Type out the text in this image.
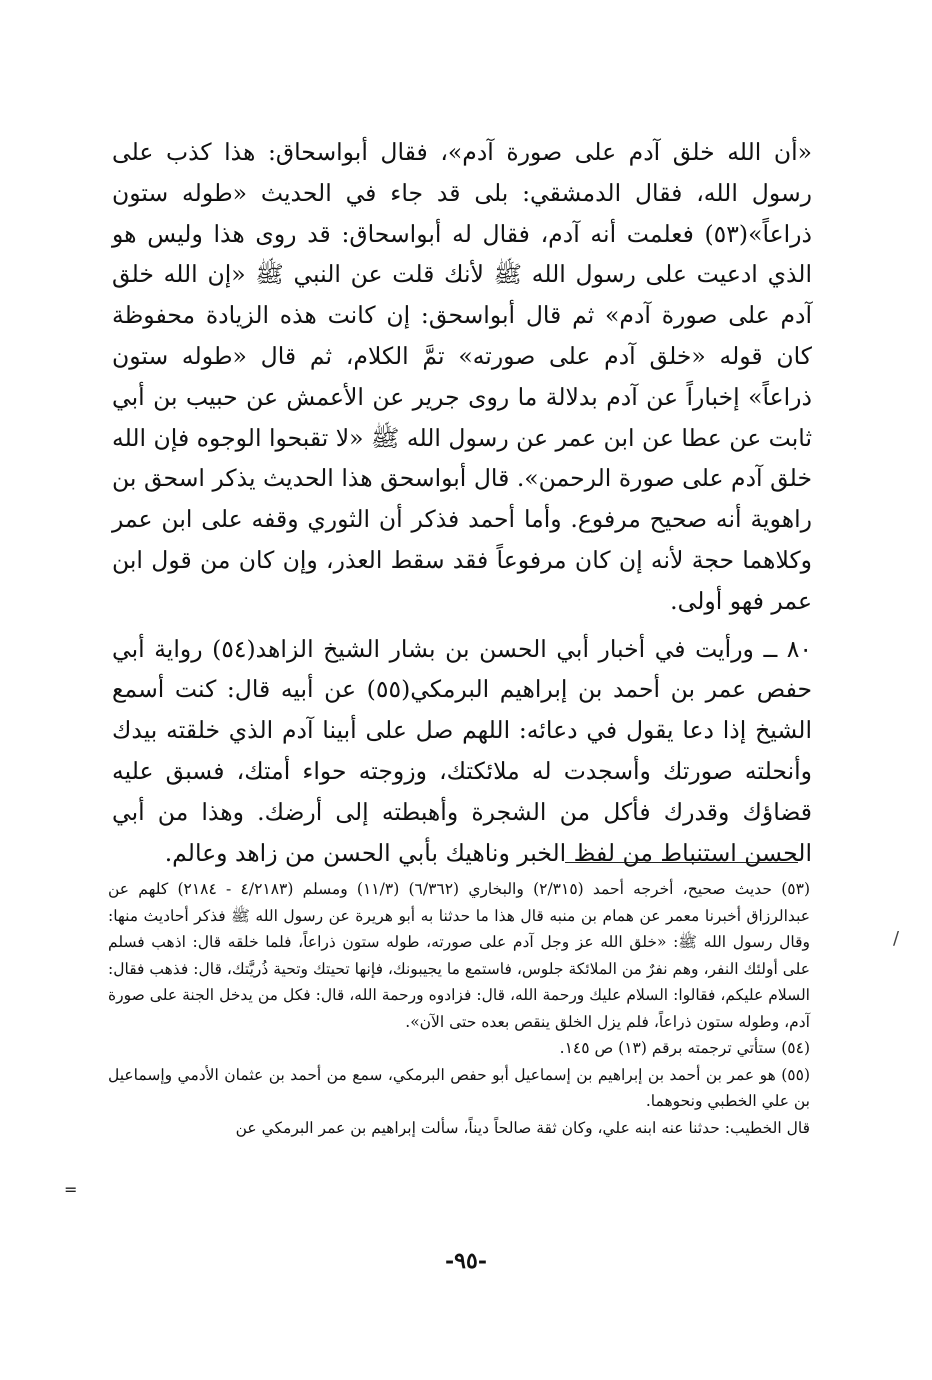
«أن الله خلق آدم على صورة آدم»، فقال أبواسحاق: هذا كذب على رسول الله، فقال الدمشقي: بلى قد جاء في الحديث «طوله ستون ذراعاً»(٥٣) فعلمت أنه آدم، فقال له أبواسحاق: قد روى هذا وليس هو الذي ادعيت على رسول الله ﷺ لأنك قلت عن النبي ﷺ «إن الله خلق آدم على صورة آدم» ثم قال أبواسحق: إن كانت هذه الزيادة محفوظة كان قوله «خلق آدم على صورته» تمَّ الكلام، ثم قال «طوله ستون ذراعاً» إخباراً عن آدم بدلالة ما روى جرير عن الأعمش عن حبيب بن أبي ثابت عن عطا عن ابن عمر عن رسول الله ﷺ «لا تقبحوا الوجوه فإن الله خلق آدم على صورة الرحمن». قال أبواسحق هذا الحديث يذكر اسحق بن راهوية أنه صحيح مرفوع. وأما أحمد فذكر أن الثوري وقفه على ابن عمر وكلاهما حجة لأنه إن كان مرفوعاً فقد سقط العذر، وإن كان من قول ابن عمر فهو أولى.

٨٠ ــ ورأيت في أخبار أبي الحسن بن بشار الشيخ الزاهد(٥٤) رواية أبي حفص عمر بن أحمد بن إبراهيم البرمكي(٥٥) عن أبيه قال: كنت أسمع الشيخ إذا دعا يقول في دعائه: اللهم صل على أبينا آدم الذي خلقته بيدك وأنحلته صورتك وأسجدت له ملائكتك، وزوجته حواء أمتك، فسبق عليه قضاؤك وقدرك فأكل من الشجرة وأهبطته إلى أرضك. وهذا من أبي الحسن استنباط من لفظ الخبر وناهيك بأبي الحسن من زاهد وعالم.

(٥٣) حديث صحيح، أخرجه أحمد (٢/٣١٥) والبخاري (٦/٣٦٢) (١١/٣) ومسلم (٤/٢١٨٣ - ٢١٨٤) كلهم عن عبدالرزاق أخبرنا معمر عن همام بن منبه قال هذا ما حدثنا به أبو هريرة عن رسول الله ﷺ فذكر أحاديث منها: وقال رسول الله ﷺ: «خلق الله عز وجل آدم على صورته، طوله ستون ذراعاً، فلما خلقه قال: اذهب فسلم على أولئك النفر، وهم نفرٌ من الملائكة جلوس، فاستمع ما يجيبونك، فإنها تحيتك وتحية ذُريَّتك، قال: فذهب فقال: السلام عليكم، فقالوا: السلام عليك ورحمة الله، قال: فزادوه ورحمة الله، قال: فكل من يدخل الجنة على صورة آدم، وطوله ستون ذراعاً، فلم يزل الخلق ينقص بعده حتى الآن».

(٥٤) ستأتي ترجمته برقم (١٣) ص ١٤٥.

(٥٥) هو عمر بن أحمد بن إبراهيم بن إسماعيل أبو حفص البرمكي، سمع من أحمد بن عثمان الأدمي وإسماعيل بن علي الخطبي ونحوهما.

قال الخطيب: حدثنا عنه ابنه علي، وكان ثقة صالحاً ديناً، سألت إبراهيم بن عمر البرمكي عن

/
=
-٩٥-
